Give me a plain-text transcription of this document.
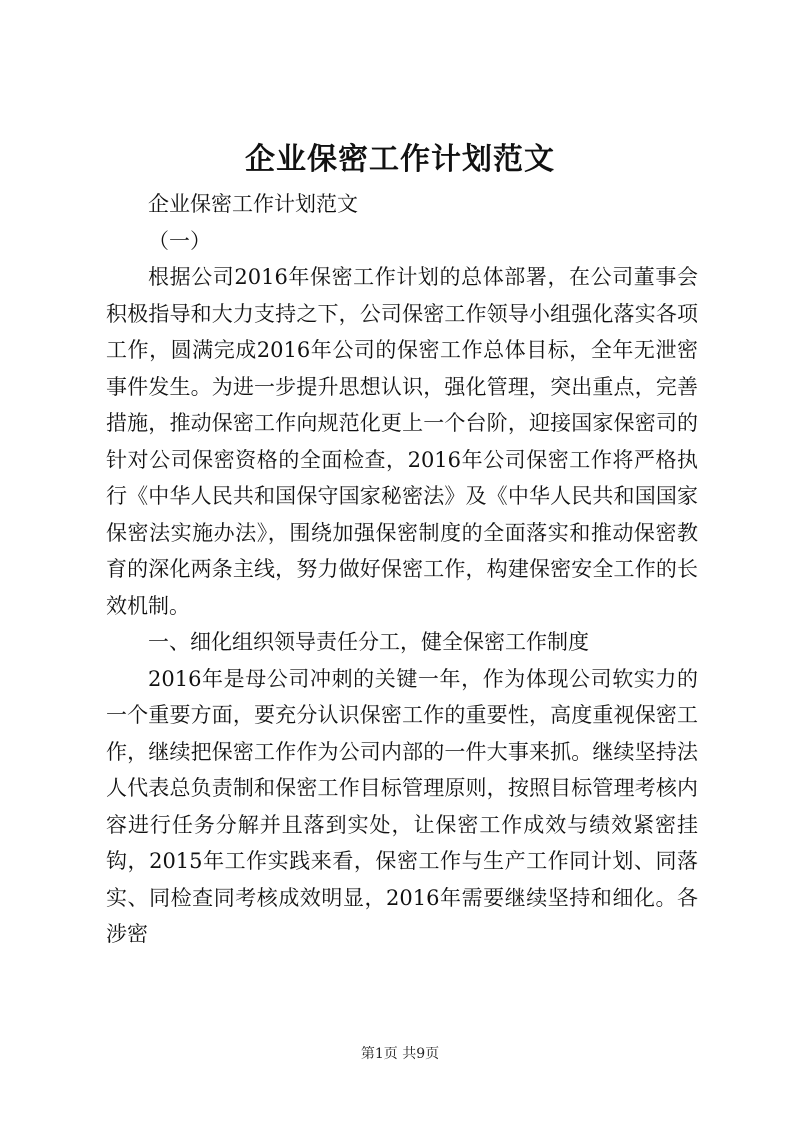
企业保密工作计划范文

企业保密工作计划范文

（一）

根据公司2016年保密工作计划的总体部署，在公司董事会积极指导和大力支持之下，公司保密工作领导小组强化落实各项工作，圆满完成2016年公司的保密工作总体目标，全年无泄密事件发生。为进一步提升思想认识，强化管理，突出重点，完善措施，推动保密工作向规范化更上一个台阶，迎接国家保密司的针对公司保密资格的全面检查，2016年公司保密工作将严格执行《中华人民共和国保守国家秘密法》及《中华人民共和国国家保密法实施办法》，围绕加强保密制度的全面落实和推动保密教育的深化两条主线，努力做好保密工作，构建保密安全工作的长效机制。

一、细化组织领导责任分工，健全保密工作制度

2016年是母公司冲刺的关键一年，作为体现公司软实力的一个重要方面，要充分认识保密工作的重要性，高度重视保密工作，继续把保密工作作为公司内部的一件大事来抓。继续坚持法人代表总负责制和保密工作目标管理原则，按照目标管理考核内容进行任务分解并且落到实处，让保密工作成效与绩效紧密挂钩，2015年工作实践来看，保密工作与生产工作同计划、同落实、同检查同考核成效明显，2016年需要继续坚持和细化。各涉密

第1页 共9页
